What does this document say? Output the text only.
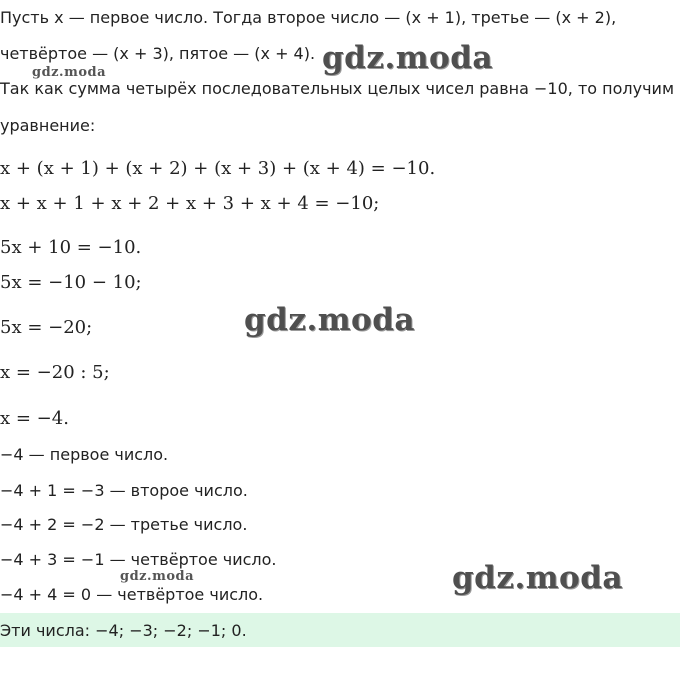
Пусть x — первое число. Тогда второе число — (x + 1), третье — (x + 2),
четвёртое — (x + 3), пятое — (x + 4).
Так как сумма четырёх последовательных целых чисел равна −10, то получим
уравнение:
x + (x + 1) + (x + 2) + (x + 3) + (x + 4) = −10.
x + x + 1 + x + 2 + x + 3 + x + 4 = −10;
5x + 10 = −10.
5x = −10 − 10;
5x = −20;
x = −20 : 5;
x = −4.
−4 — первое число.
−4 + 1 = −3 — второе число.
−4 + 2 = −2 — третье число.
−4 + 3 = −1 — четвёртое число.
−4 + 4 = 0 — четвёртое число.
Эти числа: −4; −3; −2; −1; 0.
gdz.moda
gdz.moda
gdz.moda
gdz.moda	gdz.moda
